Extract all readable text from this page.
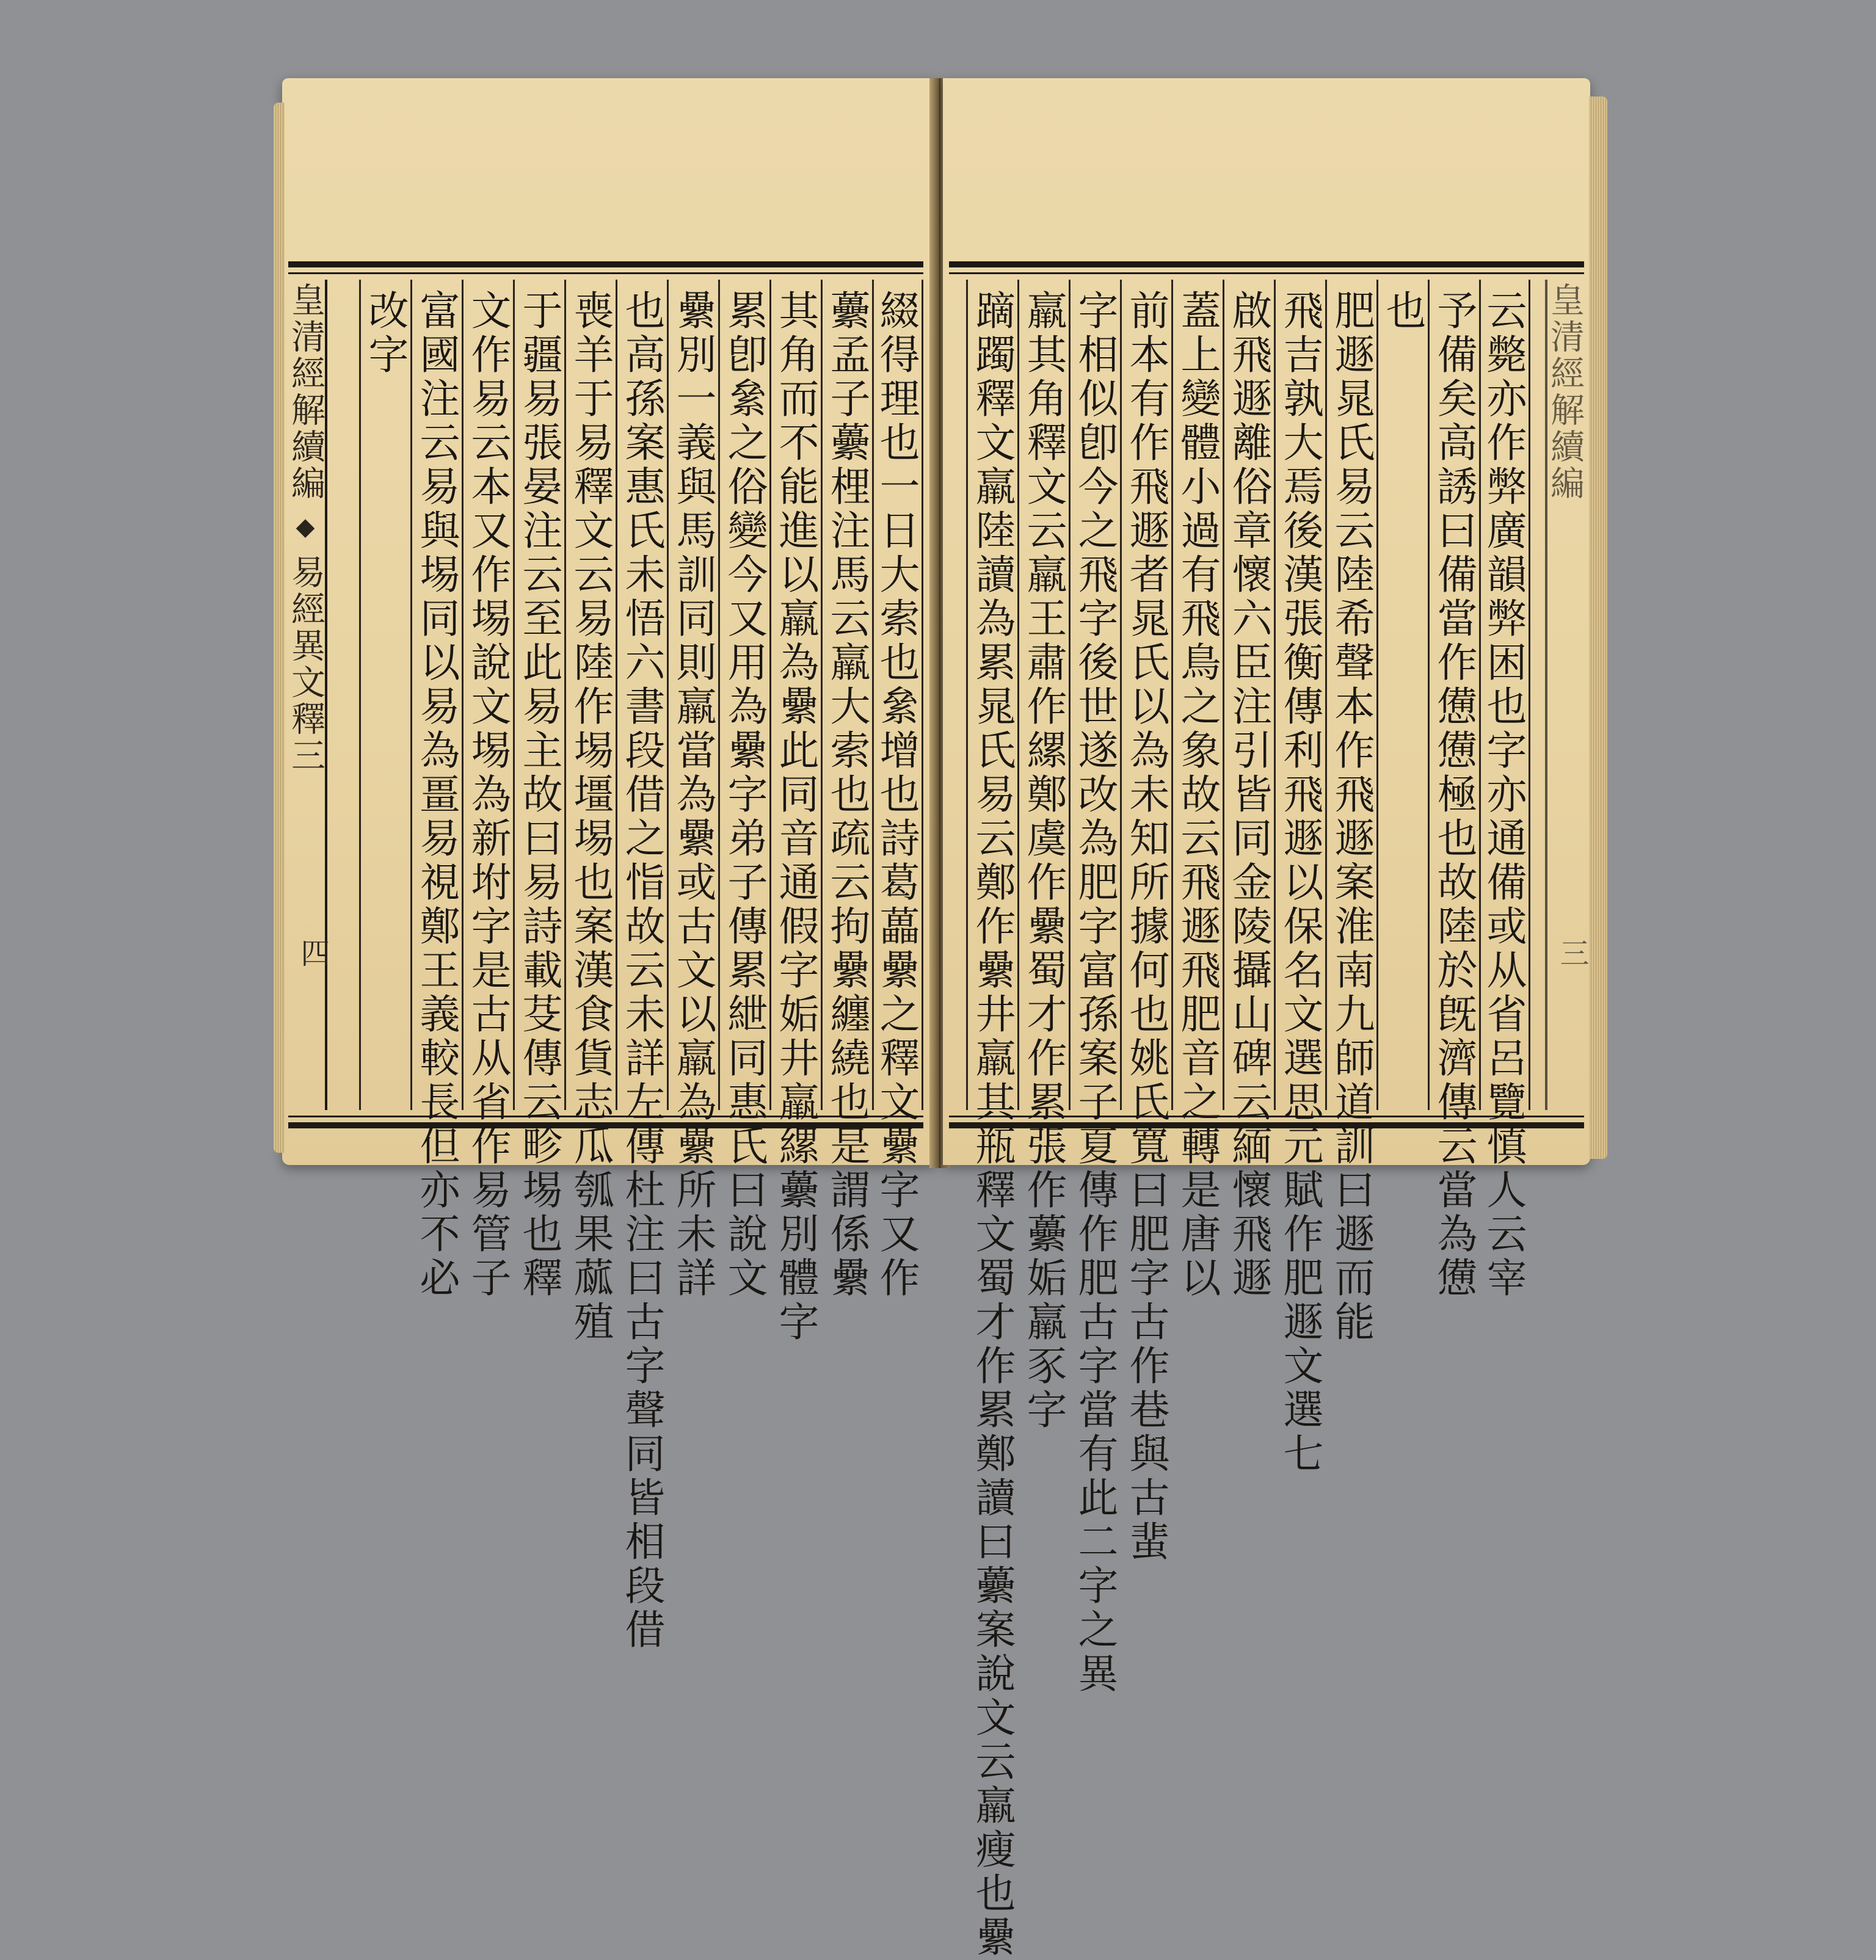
皇清經解續編◆易經異文釋三
四	綴得理也一日大索也絫增也詩葛藟纍之釋文纍字又作
虆孟子虆梩注馬云羸大索也疏云拘纍纏繞也是謂係纍
其角而不能進以羸為纍此同音通假字姤井羸縲虆別體字
累卽絫之俗變今又用為纍字弟子傳累紲同惠氏曰說文
纍別一義與馬訓同則羸當為纍或古文以羸為纍所未詳
也高孫案惠氏未悟六書段借之恉故云未詳左傳杜注曰古字聲同皆相段借
喪羊于易釋文云易陸作埸壃埸也案漢食貨志瓜瓠果蓏殖
于疆易張晏注云至此易主故曰易詩載芟傳云畛埸也釋
文作易云本又作埸說文埸為新坿字是古从省作易管子
富國注云易與埸同以易為畺易視鄭王義較長但亦不必
改字	皇清經解續編
三
云斃亦作弊廣韻弊困也字亦通備或从省呂覽慎人云宰
予備矣高誘曰備當作憊憊極也故陸於旣濟傳云當為憊
也
肥遯晁氏易云陸希聲本作飛遯案淮南九師道訓曰遯而能
飛吉孰大焉後漢張衡傳利飛遯以保名文選思元賦作肥遯文選七
啟飛遯離俗章懷六臣注引皆同金陵攝山碑云緬懷飛遯
蓋上變體小過有飛鳥之象故云飛遯飛肥音之轉是唐以
前本有作飛遯者晁氏以為未知所據何也姚氏寬曰肥字古作巷與古蜚
字相似卽今之飛字後世遂改為肥字富孫案子夏傳作肥古字當有此二字之異
羸其角釋文云羸王肅作縲鄭虞作纍蜀才作累張作虆姤羸豕字
蹢躅釋文羸陸讀為累晁氏易云鄭作纍井羸其瓶釋文蜀才作累鄭讀曰虆案說文云羸瘦也纍
